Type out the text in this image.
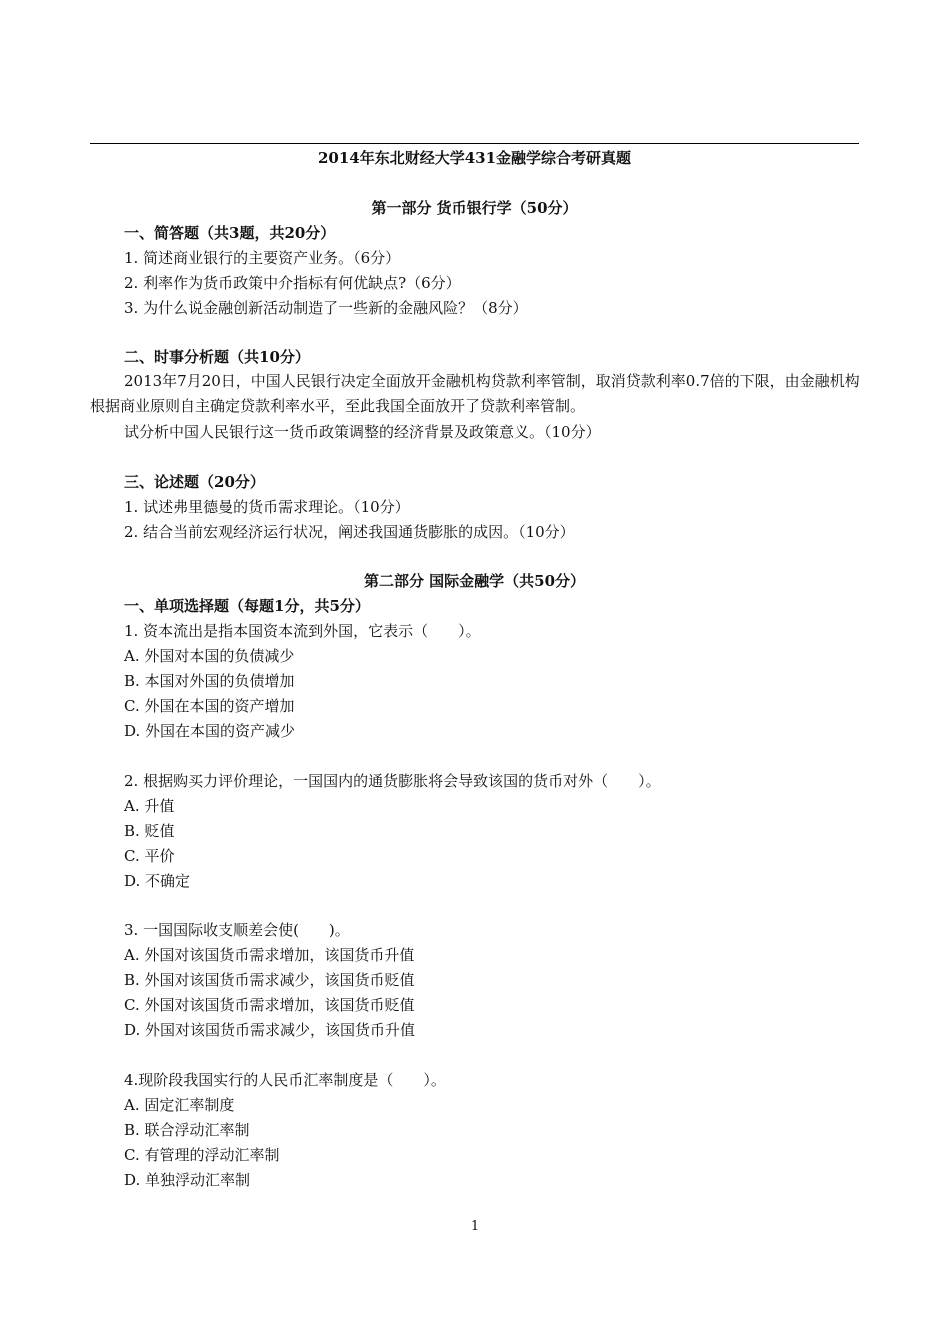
2014年东北财经大学431金融学综合考研真题
第一部分 货币银行学（50分）
一、简答题（共3题，共20分）
1. 简述商业银行的主要资产业务。（6分）
2. 利率作为货币政策中介指标有何优缺点?（6分）
3. 为什么说金融创新活动制造了一些新的金融风险？（8分）
二、时事分析题（共10分）
2013年7月20日，中国人民银行决定全面放开金融机构贷款利率管制，取消贷款利率0.7倍的下限，由金融机构根据商业原则自主确定贷款利率水平，至此我国全面放开了贷款利率管制。
试分析中国人民银行这一货币政策调整的经济背景及政策意义。（10分）
三、论述题（20分）
1. 试述弗里德曼的货币需求理论。（10分）
2. 结合当前宏观经济运行状况，阐述我国通货膨胀的成因。（10分）
第二部分 国际金融学（共50分）
一、单项选择题（每题1分，共5分）
1. 资本流出是指本国资本流到外国，它表示（　　）。
A. 外国对本国的负债减少
B. 本国对外国的负债增加
C. 外国在本国的资产增加
D. 外国在本国的资产减少
2. 根据购买力评价理论，一国国内的通货膨胀将会导致该国的货币对外（　　）。
A. 升值
B. 贬值
C. 平价
D. 不确定
3. 一国国际收支顺差会使(　　)。
A. 外国对该国货币需求增加，该国货币升值
B. 外国对该国货币需求减少，该国货币贬值
C. 外国对该国货币需求增加，该国货币贬值
D. 外国对该国货币需求减少，该国货币升值
4.现阶段我国实行的人民币汇率制度是（　　）。
A. 固定汇率制度
B. 联合浮动汇率制
C. 有管理的浮动汇率制
D. 单独浮动汇率制
1
